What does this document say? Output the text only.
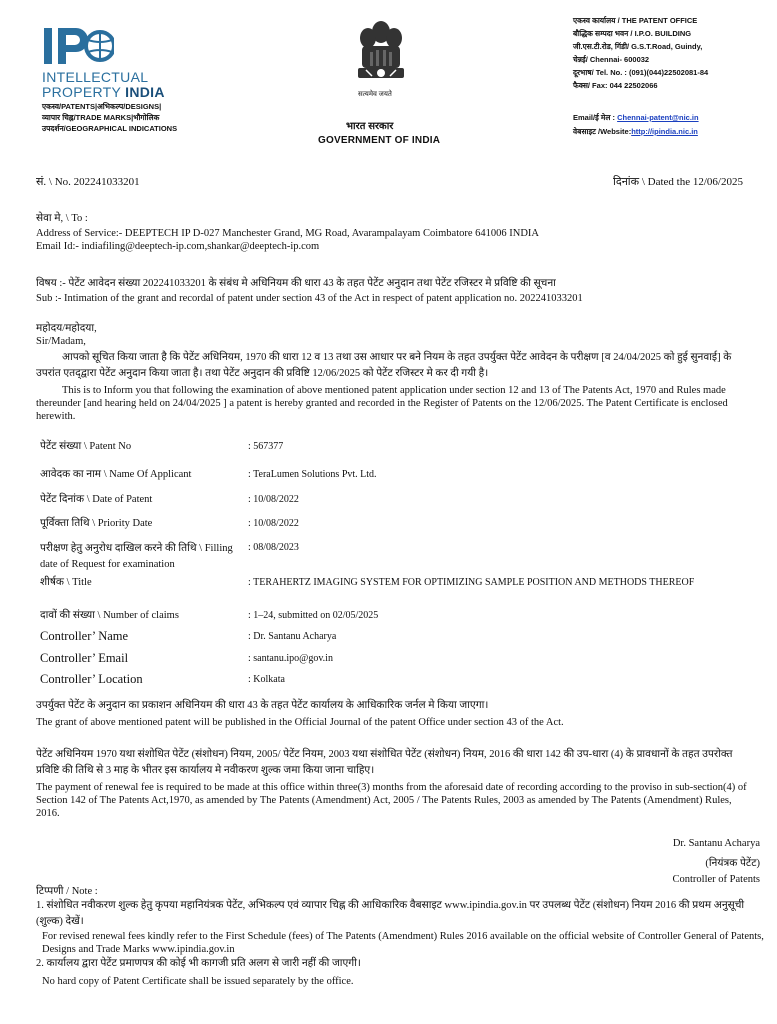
INTELLECTUAL
PROPERTY INDIA
एकस्व/PATENTS|अभिकल्प/DESIGNS|
व्यापार चिह्न/TRADE MARKS|भौगोलिक
उपदर्शन/GEOGRAPHICAL INDICATIONS
सत्यमेव जयते
भारत सरकार
GOVERNMENT OF INDIA
एकस्व कार्यालय / THE PATENT OFFICE
बौद्धिक सम्पदा भवन / I.P.O. BUILDING
जी.एस.टी.रोड, गिंडी/ G.S.T.Road, Guindy,
चेन्नई/ Chennai- 600032
दूरभाष/ Tel. No. : (091)(044)22502081-84
फैक्स/ Fax: 044 22502066
Email/ई मेल : Chennai-patent@nic.in
वेबसाइट /Website:http://ipindia.nic.in
सं. \ No. 202241033201	दिनांक \ Dated the 12/06/2025
सेवा मे, \ To :
Address of Service:- DEEPTECH IP D-027 Manchester Grand, MG Road, Avarampalayam Coimbatore 641006 INDIA
Email Id:- indiafiling@deeptech-ip.com,shankar@deeptech-ip.com
विषय :- पेटेंट आवेदन संख्या 202241033201 के संबंध मे अधिनियम की धारा 43 के तहत पेटेंट अनुदान तथा पेटेंट रजिस्टर मे प्रविष्टि की सूचना
Sub :- Intimation of the grant and recordal of patent under section 43 of the Act in respect of patent application no. 202241033201
महोदय/महोदया,
Sir/Madam,
आपको सूचित किया जाता है कि पेटेंट अधिनियम, 1970 की धारा 12 व 13 तथा उस आधार पर बने नियम के तहत उपर्युक्त पेटेंट आवेदन के परीक्षण [व 24/04/2025 को हुई सुनवाई] के उपरांत एतद्‌द्वारा पेटेंट अनुदान किया जाता है। तथा पेटेंट अनुदान की प्रविष्टि 12/06/2025 को पेटेंट रजिस्टर मे कर दी गयी है।
This is to Inform you that following the examination of above mentioned patent application under section 12 and 13 of The Patents Act, 1970 and Rules made thereunder [and hearing held on 24/04/2025 ] a patent is hereby granted and recorded in the Register of Patents on the 12/06/2025. The Patent Certificate is enclosed herewith.
पेटेंट संख्या \ Patent No	: 567377
आवेदक का नाम \ Name Of Applicant	: TeraLumen Solutions Pvt. Ltd.
पेटेंट दिनांक \ Date of Patent	: 10/08/2022
पूर्विक्ता तिथि \ Priority Date	: 10/08/2022
परीक्षण हेतु अनुरोध दाखिल करने की तिथि \ Filling date of Request for examination
: 08/08/2023
शीर्षक \ Title	: TERAHERTZ IMAGING SYSTEM FOR OPTIMIZING SAMPLE POSITION AND METHODS THEREOF
दावों की संख्या \ Number of claims	: 1–24, submitted on 02/05/2025
Controller’ Name	: Dr. Santanu Acharya
Controller’ Email	: santanu.ipo@gov.in
Controller’ Location	: Kolkata
उपर्युक्त पेटेंट के अनुदान का प्रकाशन अधिनियम की धारा 43 के तहत पेटेंट कार्यालय के आधिकारिक जर्नल मे किया जाएगा।
The grant of above mentioned patent will be published in the Official Journal of the patent Office under section 43 of the Act.
पेटेंट अधिनियम 1970 यथा संशोधित पेटेंट (संशोधन) नियम, 2005/ पेटेंट नियम, 2003 यथा संशोधित पेटेंट (संशोधन) नियम, 2016 की धारा 142 की उप-धारा (4) के प्रावधानों के तहत उपरोक्त प्रविष्टि की तिथि से 3 माह के भीतर इस कार्यालय मे नवीकरण शुल्क जमा किया जाना चाहिए।
The payment of renewal fee is required to be made at this office within three(3) months from the aforesaid date of recording according to the proviso in sub-section(4) of Section 142 of The Patents Act,1970, as amended by The Patents (Amendment) Act, 2005 / The Patents Rules, 2003 as amended by The Patents (Amendment) Rules, 2016.
Dr. Santanu Acharya
(नियंत्रक पेटेंट)
Controller of Patents
टिप्पणी / Note :
1. संशोधित नवीकरण शुल्क हेतु कृपया महानियंत्रक पेटेंट, अभिकल्प एवं व्यापार चिह्न की आधिकारिक वैबसाइट www.ipindia.gov.in पर उपलब्ध पेटेंट (संशोधन) नियम 2016 की प्रथम अनुसूची (शुल्क) देखें।
For revised renewal fees kindly refer to the First Schedule (fees) of The Patents (Amendment) Rules 2016 available on the official website of Controller General of Patents, Designs and Trade Marks www.ipindia.gov.in
2. कार्यालय द्वारा पेटेंट प्रमाणपत्र की कोई भी कागजी प्रति अलग से जारी नहीं की जाएगी।
No hard copy of Patent Certificate shall be issued separately by the office.
